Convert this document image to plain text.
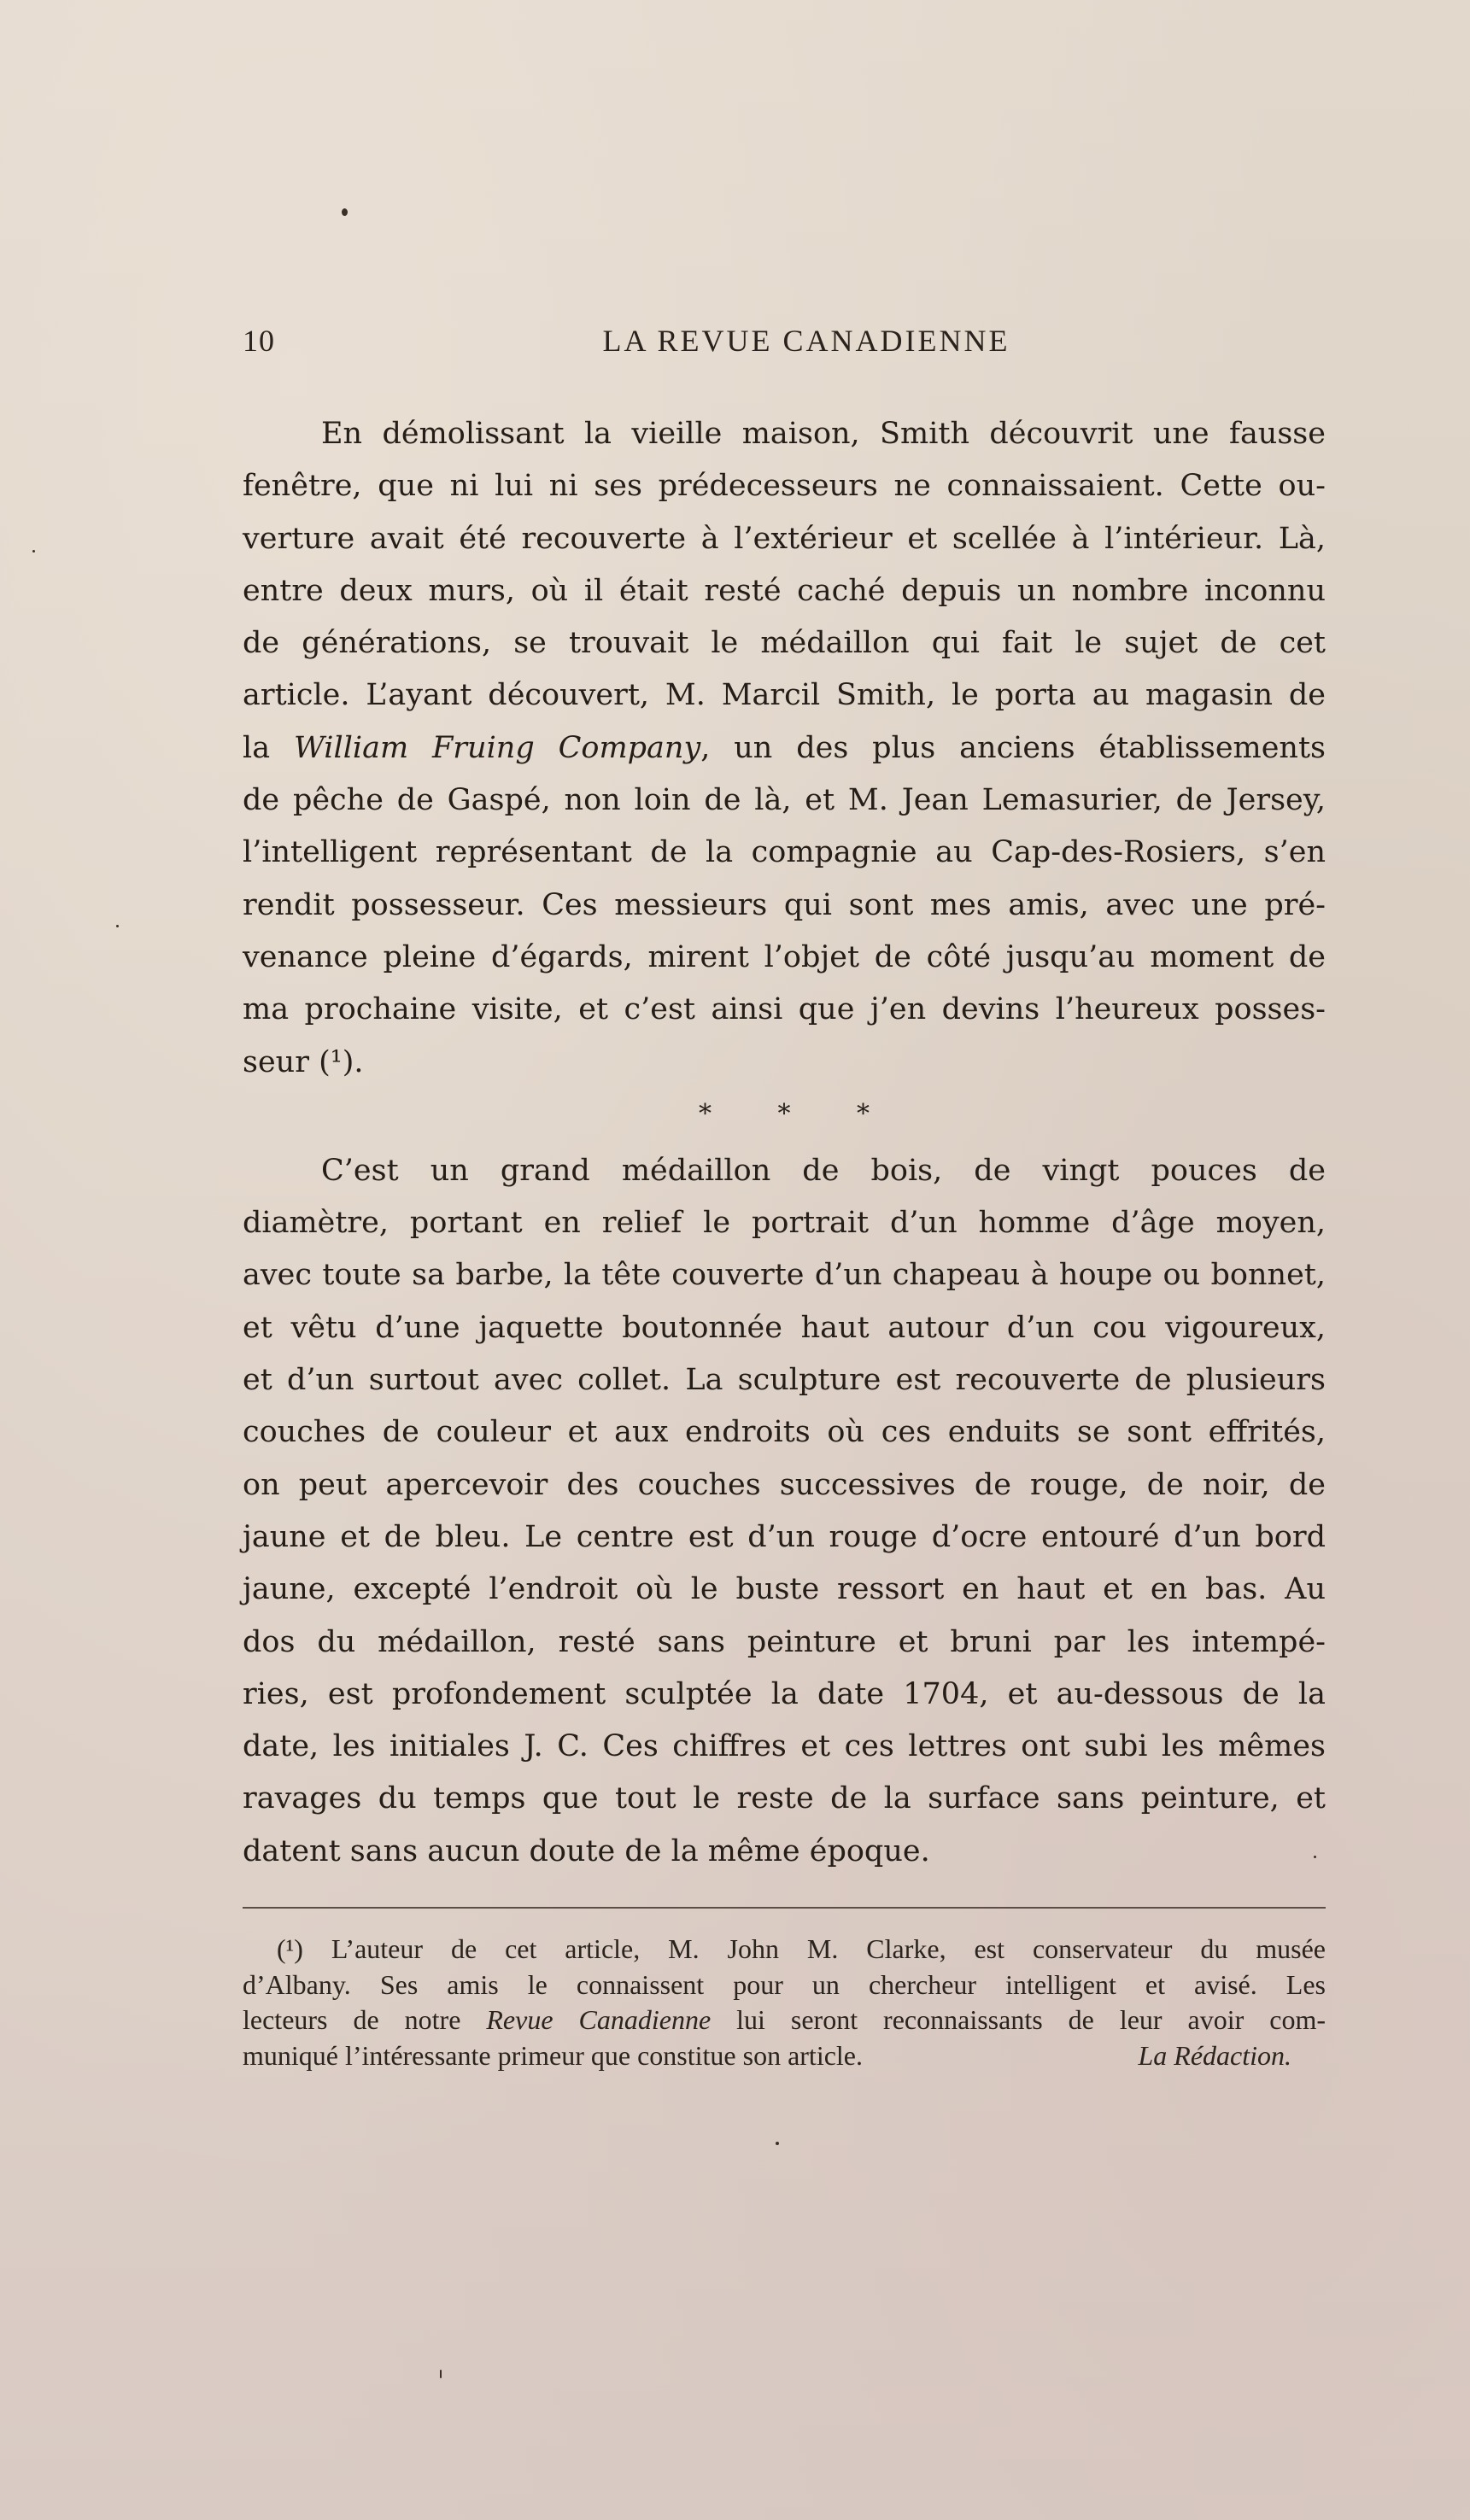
10	LA REVUE CANADIENNE

En démolissant la vieille maison, Smith découvrit une fausse
fenêtre, que ni lui ni ses prédecesseurs ne connaissaient. Cette ou-
verture avait été recouverte à l’extérieur et scellée à l’intérieur. Là,
entre deux murs, où il était resté caché depuis un nombre inconnu
de générations, se trouvait le médaillon qui fait le sujet de cet
article. L’ayant découvert, M. Marcil Smith, le porta au magasin de
la William Fruing Company, un des plus anciens établissements
de pêche de Gaspé, non loin de là, et M. Jean Lemasurier, de Jersey,
l’intelligent représentant de la compagnie au Cap-des-Rosiers, s’en
rendit possesseur. Ces messieurs qui sont mes amis, avec une pré-
venance pleine d’égards, mirent l’objet de côté jusqu’au moment de
ma prochaine visite, et c’est ainsi que j’en devins l’heureux posses-
seur (¹).

* * *

C’est un grand médaillon de bois, de vingt pouces de
diamètre, portant en relief le portrait d’un homme d’âge moyen,
avec toute sa barbe, la tête couverte d’un chapeau à houpe ou bonnet,
et vêtu d’une jaquette boutonnée haut autour d’un cou vigoureux,
et d’un surtout avec collet. La sculpture est recouverte de plusieurs
couches de couleur et aux endroits où ces enduits se sont effrités,
on peut apercevoir des couches successives de rouge, de noir, de
jaune et de bleu. Le centre est d’un rouge d’ocre entouré d’un bord
jaune, excepté l’endroit où le buste ressort en haut et en bas. Au
dos du médaillon, resté sans peinture et bruni par les intempé-
ries, est profondement sculptée la date 1704, et au-dessous de la
date, les initiales J. C. Ces chiffres et ces lettres ont subi les mêmes
ravages du temps que tout le reste de la surface sans peinture, et
datent sans aucun doute de la même époque.

(¹) L’auteur de cet article, M. John M. Clarke, est conservateur du musée
d’Albany. Ses amis le connaissent pour un chercheur intelligent et avisé. Les
lecteurs de notre Revue Canadienne lui seront reconnaissants de leur avoir com-
muniqué l’intéressante primeur que constitue son article.	La Rédaction.
